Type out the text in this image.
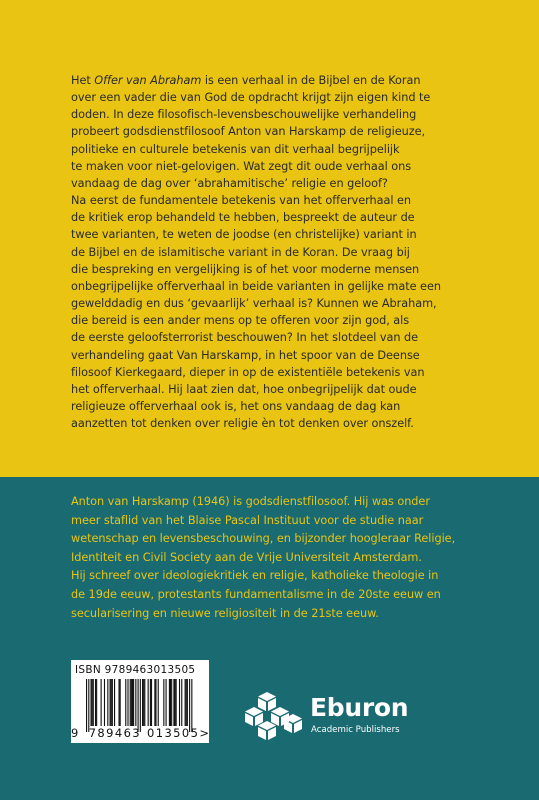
Het Offer van Abraham is een verhaal in de Bijbel en de Koran

over een vader die van God de opdracht krijgt zijn eigen kind te

doden. In deze filosofisch-levensbeschouwelijke verhandeling

probeert godsdienstfilosoof Anton van Harskamp de religieuze,

politieke en culturele betekenis van dit verhaal begrijpelijk

te maken voor niet-gelovigen. Wat zegt dit oude verhaal ons

vandaag de dag over ‘abrahamitische’ religie en geloof?

Na eerst de fundamentele betekenis van het offerverhaal en

de kritiek erop behandeld te hebben, bespreekt de auteur de

twee varianten, te weten de joodse (en christelijke) variant in

de Bijbel en de islamitische variant in de Koran. De vraag bij

die bespreking en vergelijking is of het voor moderne mensen

onbegrijpelijke offerverhaal in beide varianten in gelijke mate een

gewelddadig en dus ‘gevaarlijk’ verhaal is? Kunnen we Abraham,

die bereid is een ander mens op te offeren voor zijn god, als

de eerste geloofsterrorist beschouwen? In het slotdeel van de

verhandeling gaat Van Harskamp, in het spoor van de Deense

filosoof Kierkegaard, dieper in op de existentiële betekenis van

het offerverhaal. Hij laat zien dat, hoe onbegrijpelijk dat oude

religieuze offerverhaal ook is, het ons vandaag de dag kan

aanzetten tot denken over religie èn tot denken over onszelf.

Anton van Harskamp (1946) is godsdienstfilosoof. Hij was onder
meer staflid van het Blaise Pascal Instituut voor de studie naar
wetenschap en levensbeschouwing, en bijzonder hoogleraar Religie,
Identiteit en Civil Society aan de Vrije Universiteit Amsterdam.
Hij schreef over ideologiekritiek en religie, katholieke theologie in
de 19de eeuw, protestants fundamentalisme in de 20ste eeuw en
secularisering en nieuwe religiositeit in de 21ste eeuw.
ISBN 9789463013505
9 789463 013505>
Eburon
Academic Publishers
